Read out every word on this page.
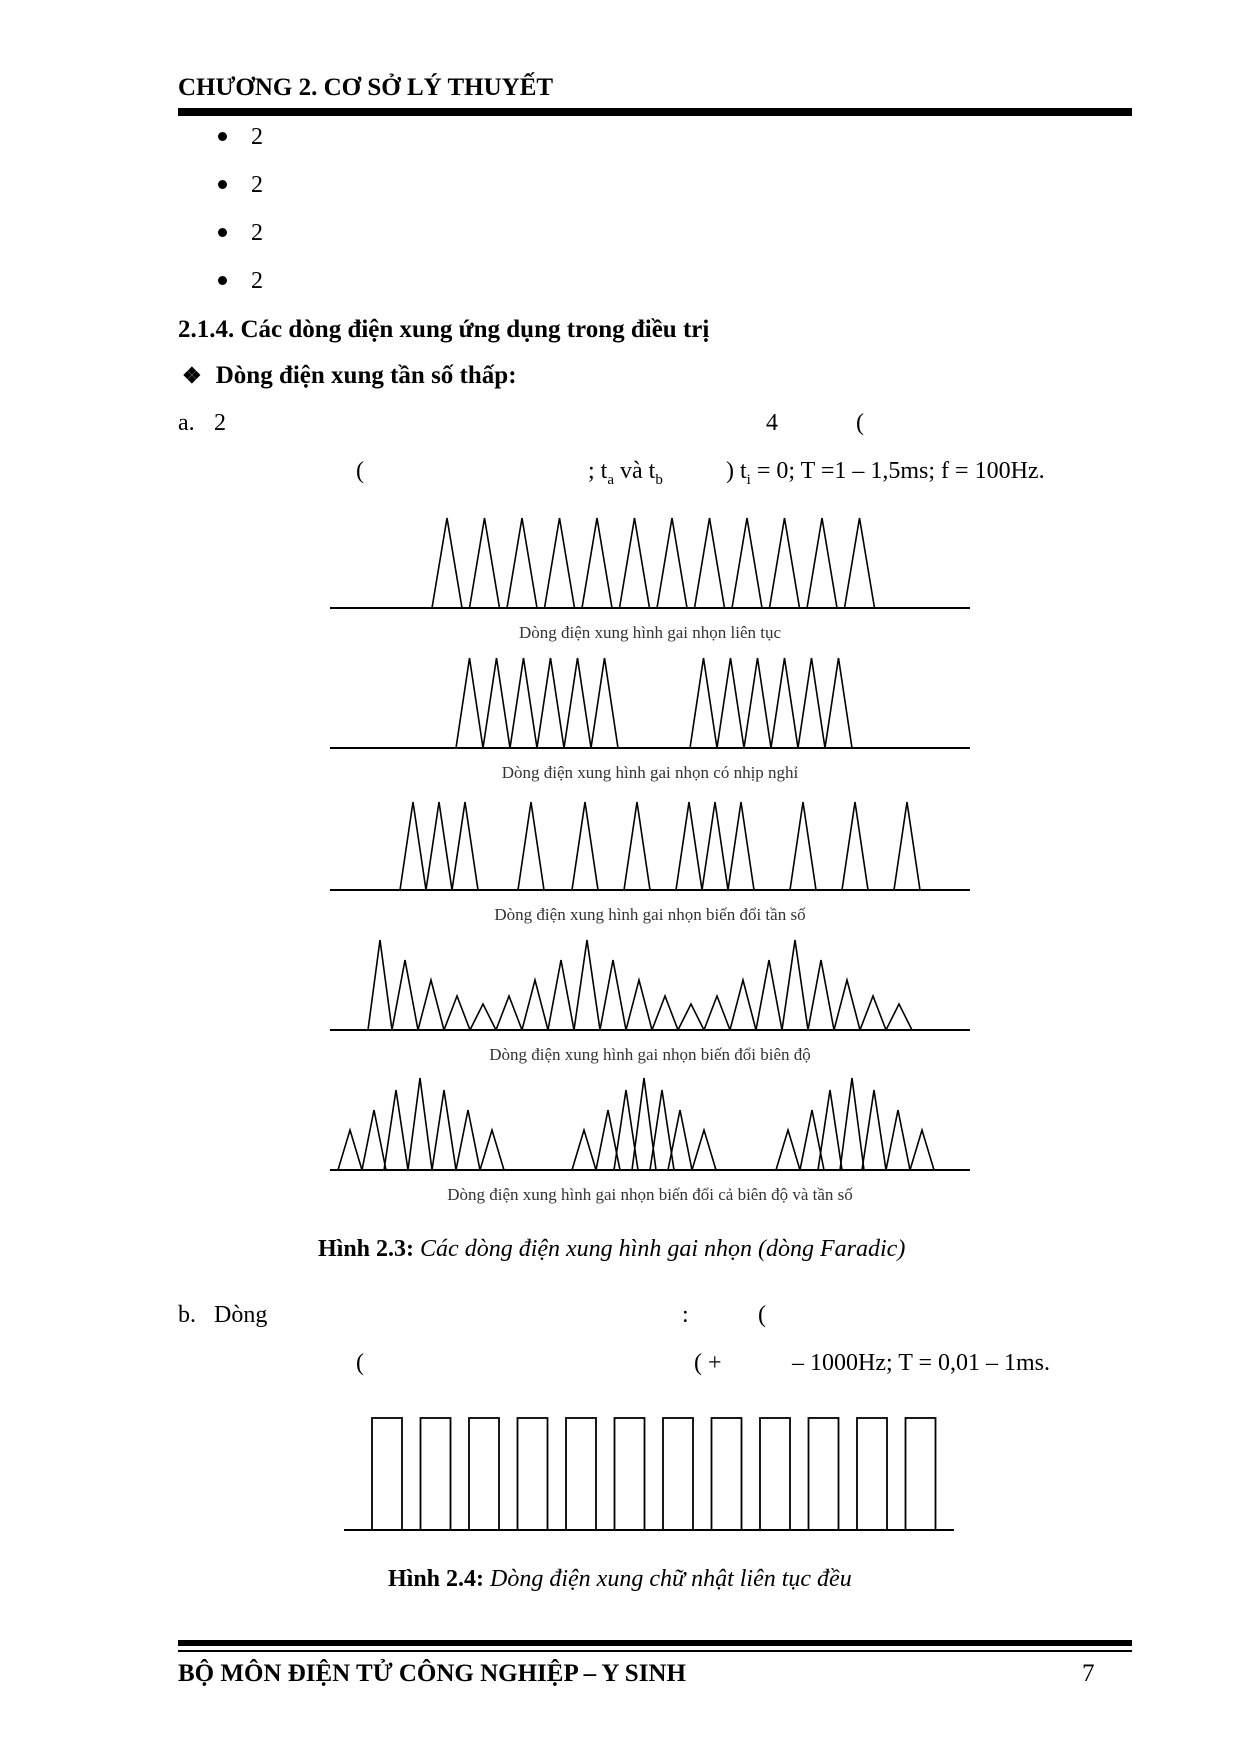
CHƯƠNG 2. CƠ SỞ LÝ THUYẾT
2
2
2
2
2.1.4. Các dòng điện xung ứng dụng trong điều trị
❖ Dòng điện xung tần số thấp:
a. 2	4	(
(	; $t_a$ và $t_b$	) $t_i = 0$; T =1 – 1,5ms; f = 100Hz.
Dòng điện xung hình gai nhọn liên tục
Dòng điện xung hình gai nhọn có nhịp nghỉ
Dòng điện xung hình gai nhọn biến đổi tần số
Dòng điện xung hình gai nhọn biến đổi biên độ
Dòng điện xung hình gai nhọn biến đổi cả biên độ và tần số
Hình 2.3: Các dòng điện xung hình gai nhọn (dòng Faradic)
b. Dòng	:	(
(	( +	– 1000Hz; T = 0,01 – 1ms.
Hình 2.4: Dòng điện xung chữ nhật liên tục đều
BỘ MÔN ĐIỆN TỬ CÔNG NGHIỆP – Y SINH	7
